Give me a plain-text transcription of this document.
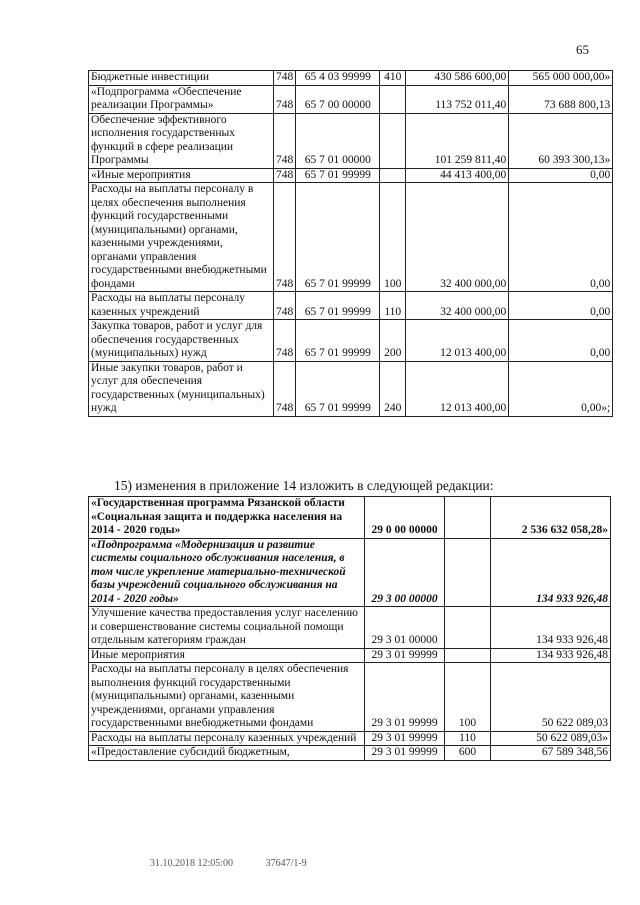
65
Бюджетные инвестиции	748	65 4 03 99999	410	430 586 600,00	565 000 000,00»
«Подпрограмма «Обеспечение реализации Программы»	748	65 7 00 00000		113 752 011,40	73 688 800,13
Обеспечение эффективного исполнения государственных функций в сфере реализации Программы	748	65 7 01 00000		101 259 811,40	60 393 300,13»
«Иные мероприятия	748	65 7 01 99999		44 413 400,00	0,00
Расходы на выплаты персоналу в целях обеспечения выполнения функций государственными (муниципальными) органами, казенными учреждениями, органами управления государственными внебюджетными фондами	748	65 7 01 99999	100	32 400 000,00	0,00
Расходы на выплаты персоналу казенных учреждений	748	65 7 01 99999	110	32 400 000,00	0,00
Закупка товаров, работ и услуг для обеспечения государственных (муниципальных) нужд	748	65 7 01 99999	200	12 013 400,00	0,00
Иные закупки товаров, работ и услуг для обеспечения государственных (муниципальных) нужд	748	65 7 01 99999	240	12 013 400,00	0,00»;
15) изменения в приложение 14 изложить в следующей редакции:
«Государственная программа Рязанской области «Социальная защита и поддержка населения на 2014 - 2020 годы»	29 0 00 00000		2 536 632 058,28»
«Подпрограмма «Модернизация и развитие системы социального обслуживания населения, в том числе укрепление материально-технической базы учреждений социального обслуживания на 2014 - 2020 годы»	29 3 00 00000		134 933 926,48
Улучшение качества предоставления услуг населению и совершенствование системы социальной помощи отдельным категориям граждан	29 3 01 00000		134 933 926,48
Иные мероприятия	29 3 01 99999		134 933 926,48
Расходы на выплаты персоналу в целях обеспечения выполнения функций государственными (муниципальными) органами, казенными учреждениями, органами управления государственными внебюджетными фондами	29 3 01 99999	100	50 622 089,03
Расходы на выплаты персоналу казенных учреждений	29 3 01 99999	110	50 622 089,03»
«Предоставление субсидий бюджетным,	29 3 01 99999	600	67 589 348,56
31.10.2018 12:05:00	37647/1-9
